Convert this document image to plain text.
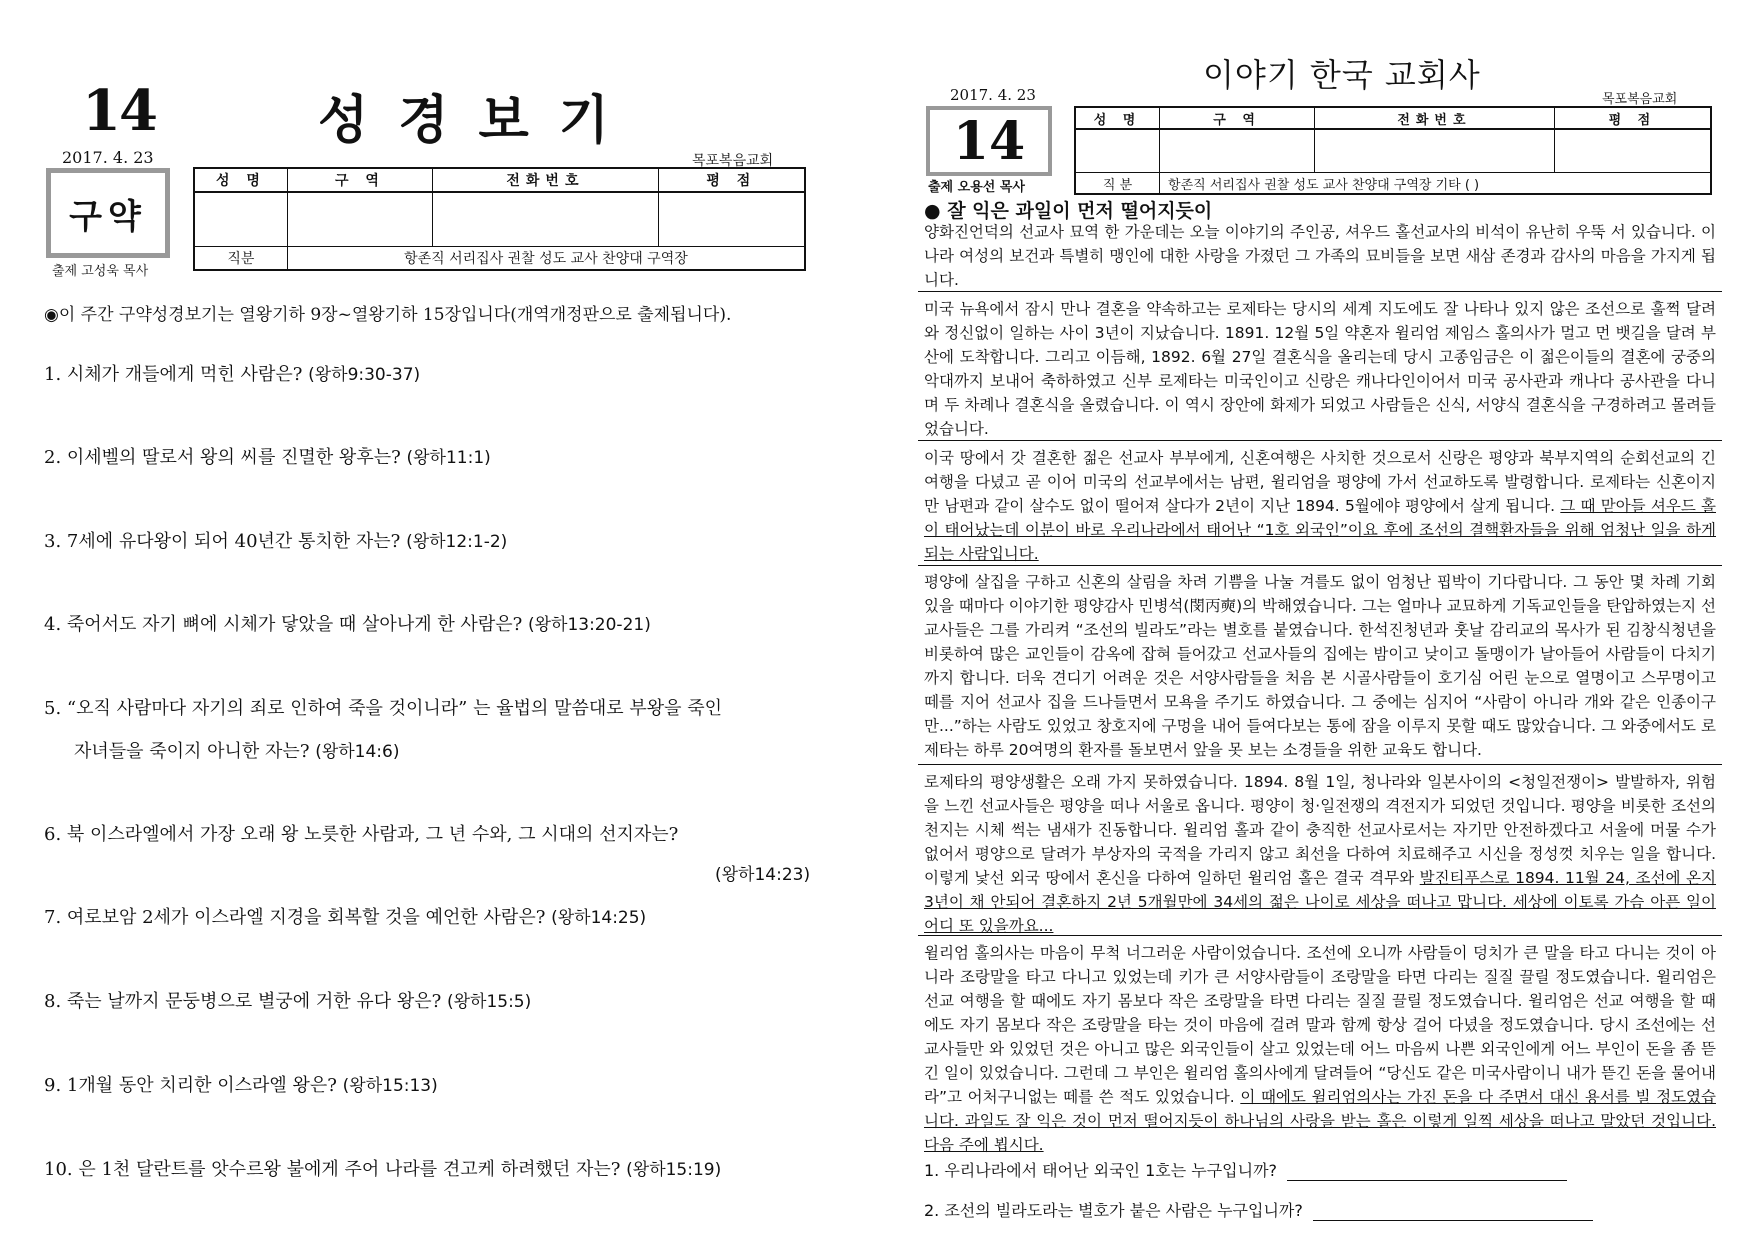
14	성경보기
2017. 4. 23	목포복음교회
구약
출제 고성욱 목사
성 명	구 역	전화번호	평 점

직분	항존직 서리집사 권찰 성도 교사 찬양대 구역장		
◉이 주간 구약성경보기는 열왕기하 9장~열왕기하 15장입니다(개역개정판으로 출제됩니다).
1. 시체가 개들에게 먹힌 사람은? (왕하9:30-37)
2. 이세벨의 딸로서 왕의 씨를 진멸한 왕후는? (왕하11:1)
3. 7세에 유다왕이 되어 40년간 통치한 자는? (왕하12:1-2)
4. 죽어서도 자기 뼈에 시체가 닿았을 때 살아나게 한 사람은? (왕하13:20-21)
5. “오직 사람마다 자기의 죄로 인하여 죽을 것이니라” 는 율법의 말씀대로 부왕을 죽인
자녀들을 죽이지 아니한 자는? (왕하14:6)
6. 북 이스라엘에서 가장 오래 왕 노릇한 사람과, 그 년 수와, 그 시대의 선지자는?
(왕하14:23)
7. 여로보암 2세가 이스라엘 지경을 회복할 것을 예언한 사람은? (왕하14:25)
8. 죽는 날까지 문둥병으로 별궁에 거한 유다 왕은? (왕하15:5)
9. 1개월 동안 치리한 이스라엘 왕은? (왕하15:13)
10. 은 1천 달란트를 앗수르왕 불에게 주어 나라를 견고케 하려했던 자는? (왕하15:19)
이야기 한국 교회사
2017. 4. 23	목포복음교회
14
출제 오용선 목사
성 명	구 역	전화번호	평 점

직 분	항존직 서리집사 권찰 성도 교사 찬양대 구역장 기타 ( )		
● 잘 익은 과일이 먼저 떨어지듯이
양화진언덕의 선교사 묘역 한 가운데는 오늘 이야기의 주인공, 셔우드 홀선교사의 비석이 유난히 우뚝 서 있습니다. 이 나라 여성의 보건과 특별히 맹인에 대한 사랑을 가졌던 그 가족의 묘비들을 보면 새삼 존경과 감사의 마음을 가지게 됩니다.
미국 뉴욕에서 잠시 만나 결혼을 약속하고는 로제타는 당시의 세계 지도에도 잘 나타나 있지 않은 조선으로 훌쩍 달려와 정신없이 일하는 사이 3년이 지났습니다. 1891. 12월 5일 약혼자 윌리엄 제임스 홀의사가 멀고 먼 뱃길을 달려 부산에 도착합니다. 그리고 이듬해, 1892. 6월 27일 결혼식을 올리는데 당시 고종임금은 이 젊은이들의 결혼에 궁중의 악대까지 보내어 축하하였고 신부 로제타는 미국인이고 신랑은 캐나다인이어서 미국 공사관과 캐나다 공사관을 다니며 두 차례나 결혼식을 올렸습니다. 이 역시 장안에 화제가 되었고 사람들은 신식, 서양식 결혼식을 구경하려고 몰려들었습니다.
이국 땅에서 갓 결혼한 젊은 선교사 부부에게, 신혼여행은 사치한 것으로서 신랑은 평양과 북부지역의 순회선교의 긴 여행을 다녔고 곧 이어 미국의 선교부에서는 남편, 윌리엄을 평양에 가서 선교하도록 발령합니다. 로제타는 신혼이지만 남편과 같이 살수도 없이 떨어져 살다가 2년이 지난 1894. 5월에야 평양에서 살게 됩니다. 그 때 맏아들 셔우드 홀이 태어났는데 이분이 바로 우리나라에서 태어난 “1호 외국인”이요 후에 조선의 결핵환자들을 위해 엄청난 일을 하게 되는 사람입니다.
평양에 살집을 구하고 신혼의 살림을 차려 기쁨을 나눌 겨를도 없이 엄청난 핍박이 기다랍니다. 그 동안 몇 차례 기회 있을 때마다 이야기한 평양감사 민병석(閔丙奭)의 박해였습니다. 그는 얼마나 교묘하게 기독교인들을 탄압하였는지 선교사들은 그를 가리켜 “조선의 빌라도”라는 별호를 붙였습니다. 한석진청년과 훗날 감리교의 목사가 된 김창식청년을 비롯하여 많은 교인들이 감옥에 잡혀 들어갔고 선교사들의 집에는 밤이고 낮이고 돌맹이가 날아들어 사람들이 다치기까지 합니다. 더욱 견디기 어려운 것은 서양사람들을 처음 본 시골사람들이 호기심 어린 눈으로 열명이고 스무명이고 떼를 지어 선교사 집을 드나들면서 모욕을 주기도 하였습니다. 그 중에는 심지어 “사람이 아니라 개와 같은 인종이구만...”하는 사람도 있었고 창호지에 구멍을 내어 들여다보는 통에 잠을 이루지 못할 때도 많았습니다. 그 와중에서도 로제타는 하루 20여명의 환자를 돌보면서 앞을 못 보는 소경들을 위한 교육도 합니다.
로제타의 평양생활은 오래 가지 못하였습니다. 1894. 8월 1일, 청나라와 일본사이의 <청일전쟁이> 발발하자, 위험을 느낀 선교사들은 평양을 떠나 서울로 옵니다. 평양이 청·일전쟁의 격전지가 되었던 것입니다. 평양을 비롯한 조선의 천지는 시체 썩는 냄새가 진동합니다. 윌리엄 홀과 같이 충직한 선교사로서는 자기만 안전하겠다고 서울에 머물 수가 없어서 평양으로 달려가 부상자의 국적을 가리지 않고 최선을 다하여 치료해주고 시신을 정성껏 치우는 일을 합니다. 이렇게 낯선 외국 땅에서 혼신을 다하여 일하던 윌리엄 홀은 결국 격무와 발진티푸스로 1894. 11월 24, 조선에 온지 3년이 채 안되어 결혼하지 2년 5개월만에 34세의 젊은 나이로 세상을 떠나고 맙니다. 세상에 이토록 가슴 아픈 일이 어디 또 있을까요...
윌리엄 홀의사는 마음이 무척 너그러운 사람이었습니다. 조선에 오니까 사람들이 덩치가 큰 말을 타고 다니는 것이 아니라 조랑말을 타고 다니고 있었는데 키가 큰 서양사람들이 조랑말을 타면 다리는 질질 끌릴 정도였습니다. 윌리엄은 선교 여행을 할 때에도 자기 몸보다 작은 조랑말을 타면 다리는 질질 끌릴 정도였습니다. 윌리엄은 선교 여행을 할 때에도 자기 몸보다 작은 조랑말을 타는 것이 마음에 걸려 말과 함께 항상 걸어 다녔을 정도였습니다. 당시 조선에는 선교사들만 와 있었던 것은 아니고 많은 외국인들이 살고 있었는데 어느 마음씨 나쁜 외국인에게 어느 부인이 돈을 좀 뜯긴 일이 있었습니다. 그런데 그 부인은 윌리엄 홀의사에게 달려들어 “당신도 같은 미국사람이니 내가 뜯긴 돈을 물어내라”고 어처구니없는 떼를 쓴 적도 있었습니다. 이 때에도 윌리엄의사는 가진 돈을 다 주면서 대신 용서를 빌 정도였습니다. 과일도 잘 익은 것이 먼저 떨어지듯이 하나님의 사랑을 받는 홀은 이렇게 일찍 세상을 떠나고 말았던 것입니다. 다음 주에 뵙시다.
1. 우리나라에서 태어난 외국인 1호는 누구입니까?
2. 조선의 빌라도라는 별호가 붙은 사람은 누구입니까?
